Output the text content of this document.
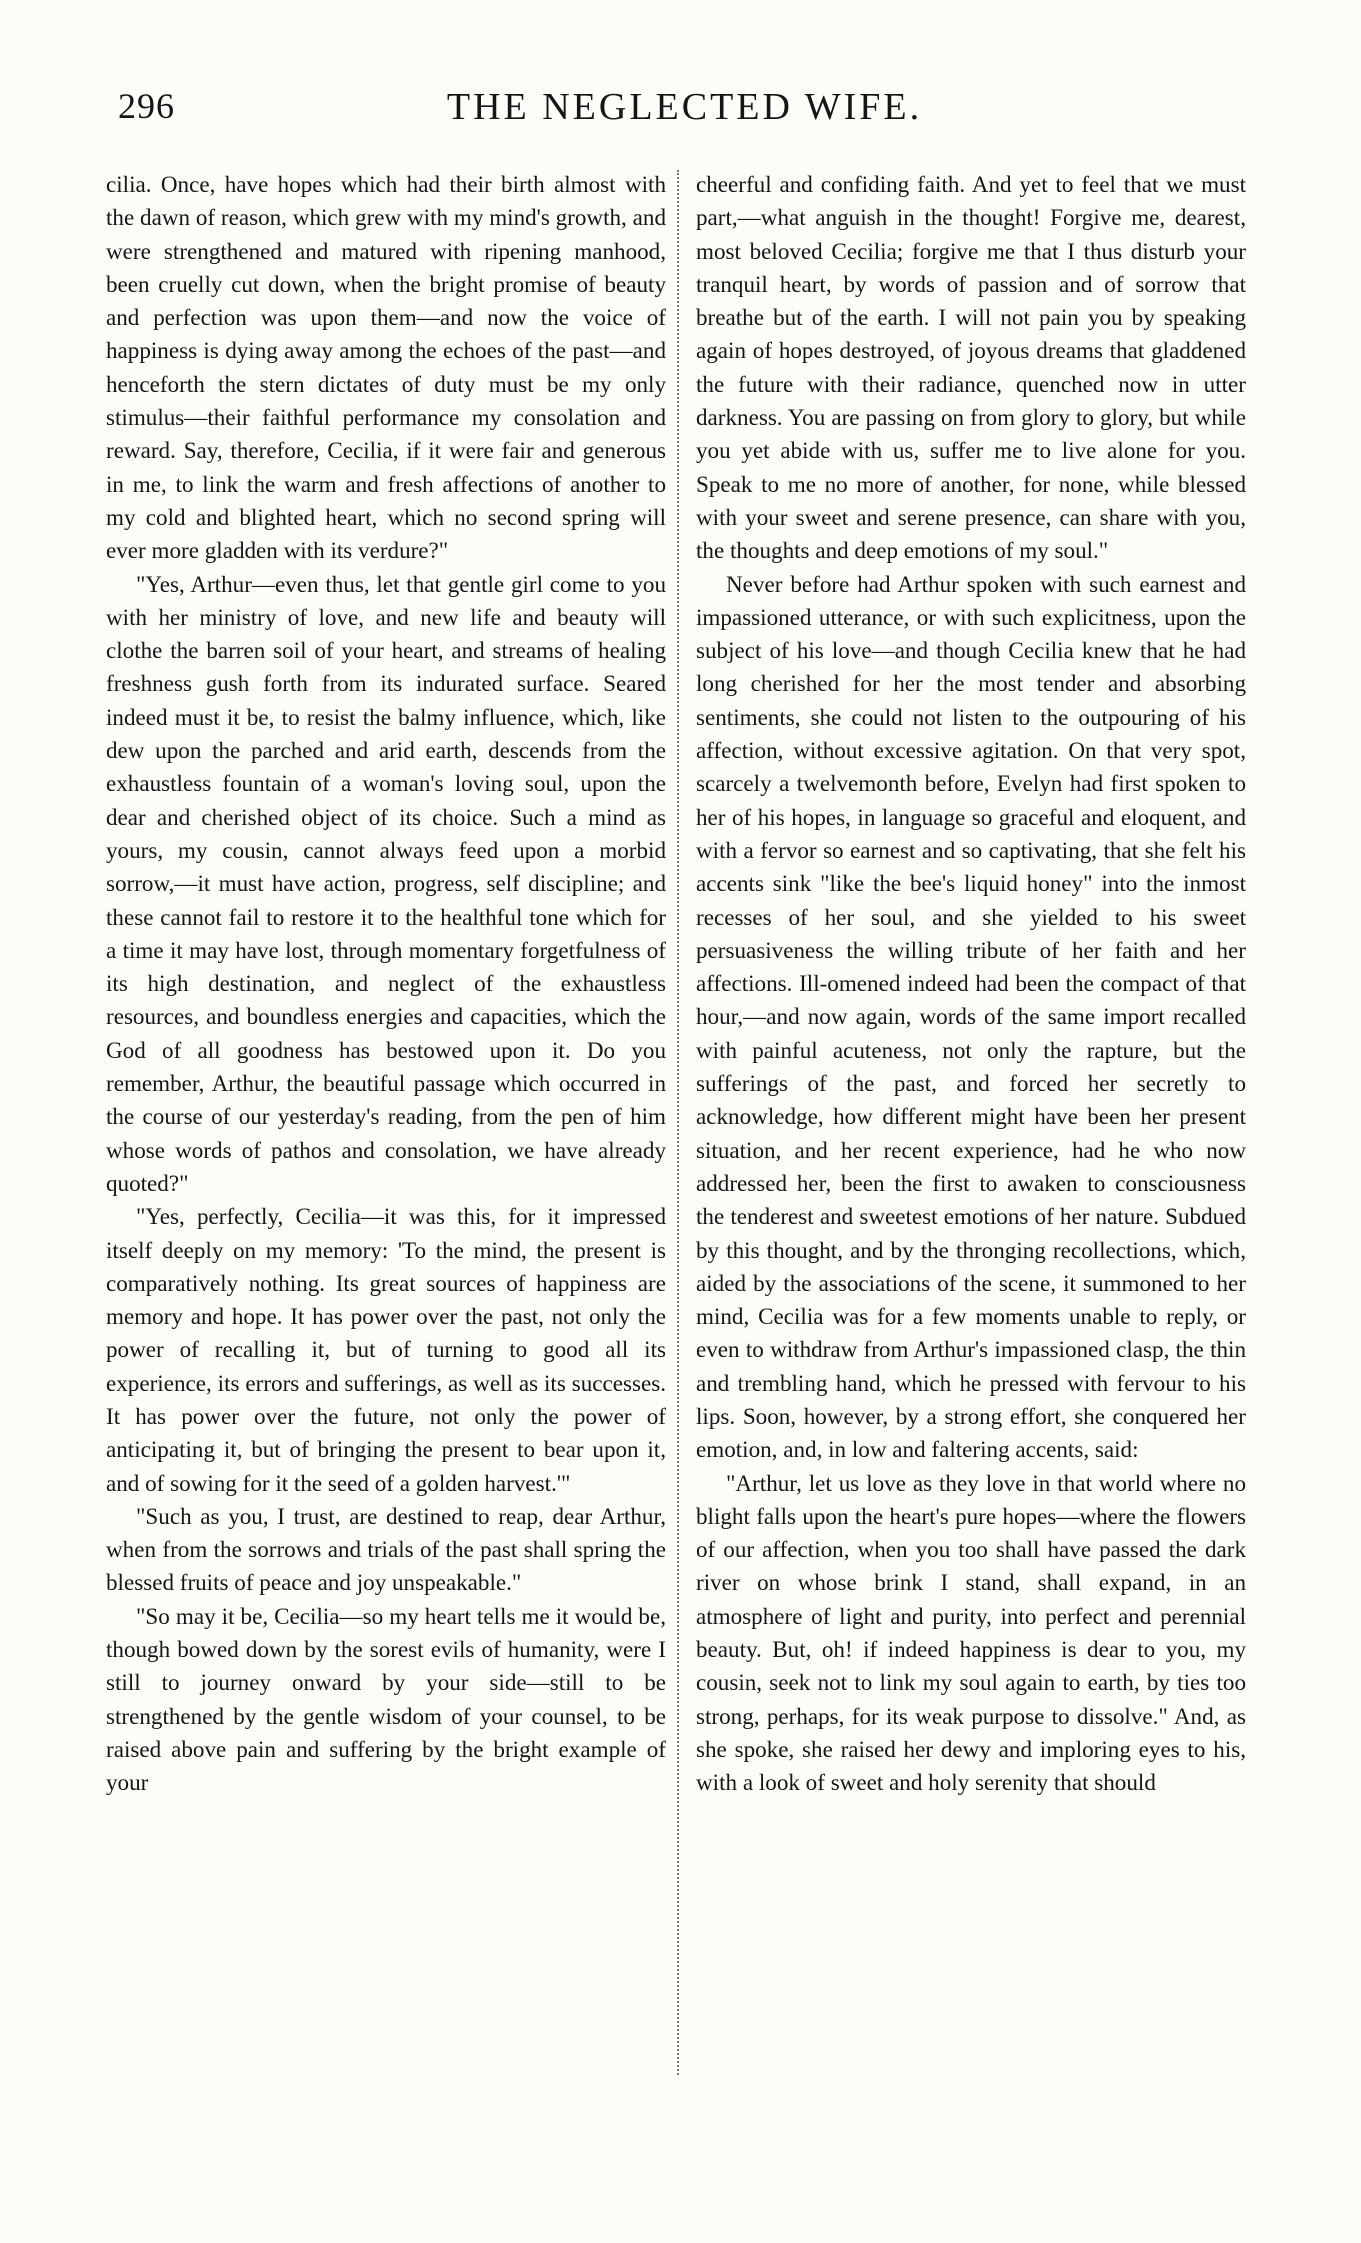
296	THE NEGLECTED WIFE.

cilia. Once, have hopes which had their birth almost with the dawn of reason, which grew with my mind's growth, and were strengthened and matured with ripening manhood, been cruelly cut down, when the bright promise of beauty and perfection was upon them—and now the voice of happiness is dying away among the echoes of the past—and henceforth the stern dictates of duty must be my only stimulus—their faithful performance my consolation and reward. Say, therefore, Cecilia, if it were fair and generous in me, to link the warm and fresh affections of another to my cold and blighted heart, which no second spring will ever more gladden with its verdure?"

"Yes, Arthur—even thus, let that gentle girl come to you with her ministry of love, and new life and beauty will clothe the barren soil of your heart, and streams of healing freshness gush forth from its indurated surface. Seared indeed must it be, to resist the balmy influence, which, like dew upon the parched and arid earth, descends from the exhaustless fountain of a woman's loving soul, upon the dear and cherished object of its choice. Such a mind as yours, my cousin, cannot always feed upon a morbid sorrow,—it must have action, progress, self discipline; and these cannot fail to restore it to the healthful tone which for a time it may have lost, through momentary forgetfulness of its high destination, and neglect of the exhaustless resources, and boundless energies and capacities, which the God of all goodness has bestowed upon it. Do you remember, Arthur, the beautiful passage which occurred in the course of our yesterday's reading, from the pen of him whose words of pathos and consolation, we have already quoted?"

"Yes, perfectly, Cecilia—it was this, for it impressed itself deeply on my memory: 'To the mind, the present is comparatively nothing. Its great sources of happiness are memory and hope. It has power over the past, not only the power of recalling it, but of turning to good all its experience, its errors and sufferings, as well as its successes. It has power over the future, not only the power of anticipating it, but of bringing the present to bear upon it, and of sowing for it the seed of a golden harvest.'"

"Such as you, I trust, are destined to reap, dear Arthur, when from the sorrows and trials of the past shall spring the blessed fruits of peace and joy unspeakable."

"So may it be, Cecilia—so my heart tells me it would be, though bowed down by the sorest evils of humanity, were I still to journey onward by your side—still to be strengthened by the gentle wisdom of your counsel, to be raised above pain and suffering by the bright example of your

cheerful and confiding faith. And yet to feel that we must part,—what anguish in the thought! Forgive me, dearest, most beloved Cecilia; forgive me that I thus disturb your tranquil heart, by words of passion and of sorrow that breathe but of the earth. I will not pain you by speaking again of hopes destroyed, of joyous dreams that gladdened the future with their radiance, quenched now in utter darkness. You are passing on from glory to glory, but while you yet abide with us, suffer me to live alone for you. Speak to me no more of another, for none, while blessed with your sweet and serene presence, can share with you, the thoughts and deep emotions of my soul."

Never before had Arthur spoken with such earnest and impassioned utterance, or with such explicitness, upon the subject of his love—and though Cecilia knew that he had long cherished for her the most tender and absorbing sentiments, she could not listen to the outpouring of his affection, without excessive agitation. On that very spot, scarcely a twelvemonth before, Evelyn had first spoken to her of his hopes, in language so graceful and eloquent, and with a fervor so earnest and so captivating, that she felt his accents sink "like the bee's liquid honey" into the inmost recesses of her soul, and she yielded to his sweet persuasiveness the willing tribute of her faith and her affections. Ill-omened indeed had been the compact of that hour,—and now again, words of the same import recalled with painful acuteness, not only the rapture, but the sufferings of the past, and forced her secretly to acknowledge, how different might have been her present situation, and her recent experience, had he who now addressed her, been the first to awaken to consciousness the tenderest and sweetest emotions of her nature. Subdued by this thought, and by the thronging recollections, which, aided by the associations of the scene, it summoned to her mind, Cecilia was for a few moments unable to reply, or even to withdraw from Arthur's impassioned clasp, the thin and trembling hand, which he pressed with fervour to his lips. Soon, however, by a strong effort, she conquered her emotion, and, in low and faltering accents, said:

"Arthur, let us love as they love in that world where no blight falls upon the heart's pure hopes—where the flowers of our affection, when you too shall have passed the dark river on whose brink I stand, shall expand, in an atmosphere of light and purity, into perfect and perennial beauty. But, oh! if indeed happiness is dear to you, my cousin, seek not to link my soul again to earth, by ties too strong, perhaps, for its weak purpose to dissolve." And, as she spoke, she raised her dewy and imploring eyes to his, with a look of sweet and holy serenity that should
